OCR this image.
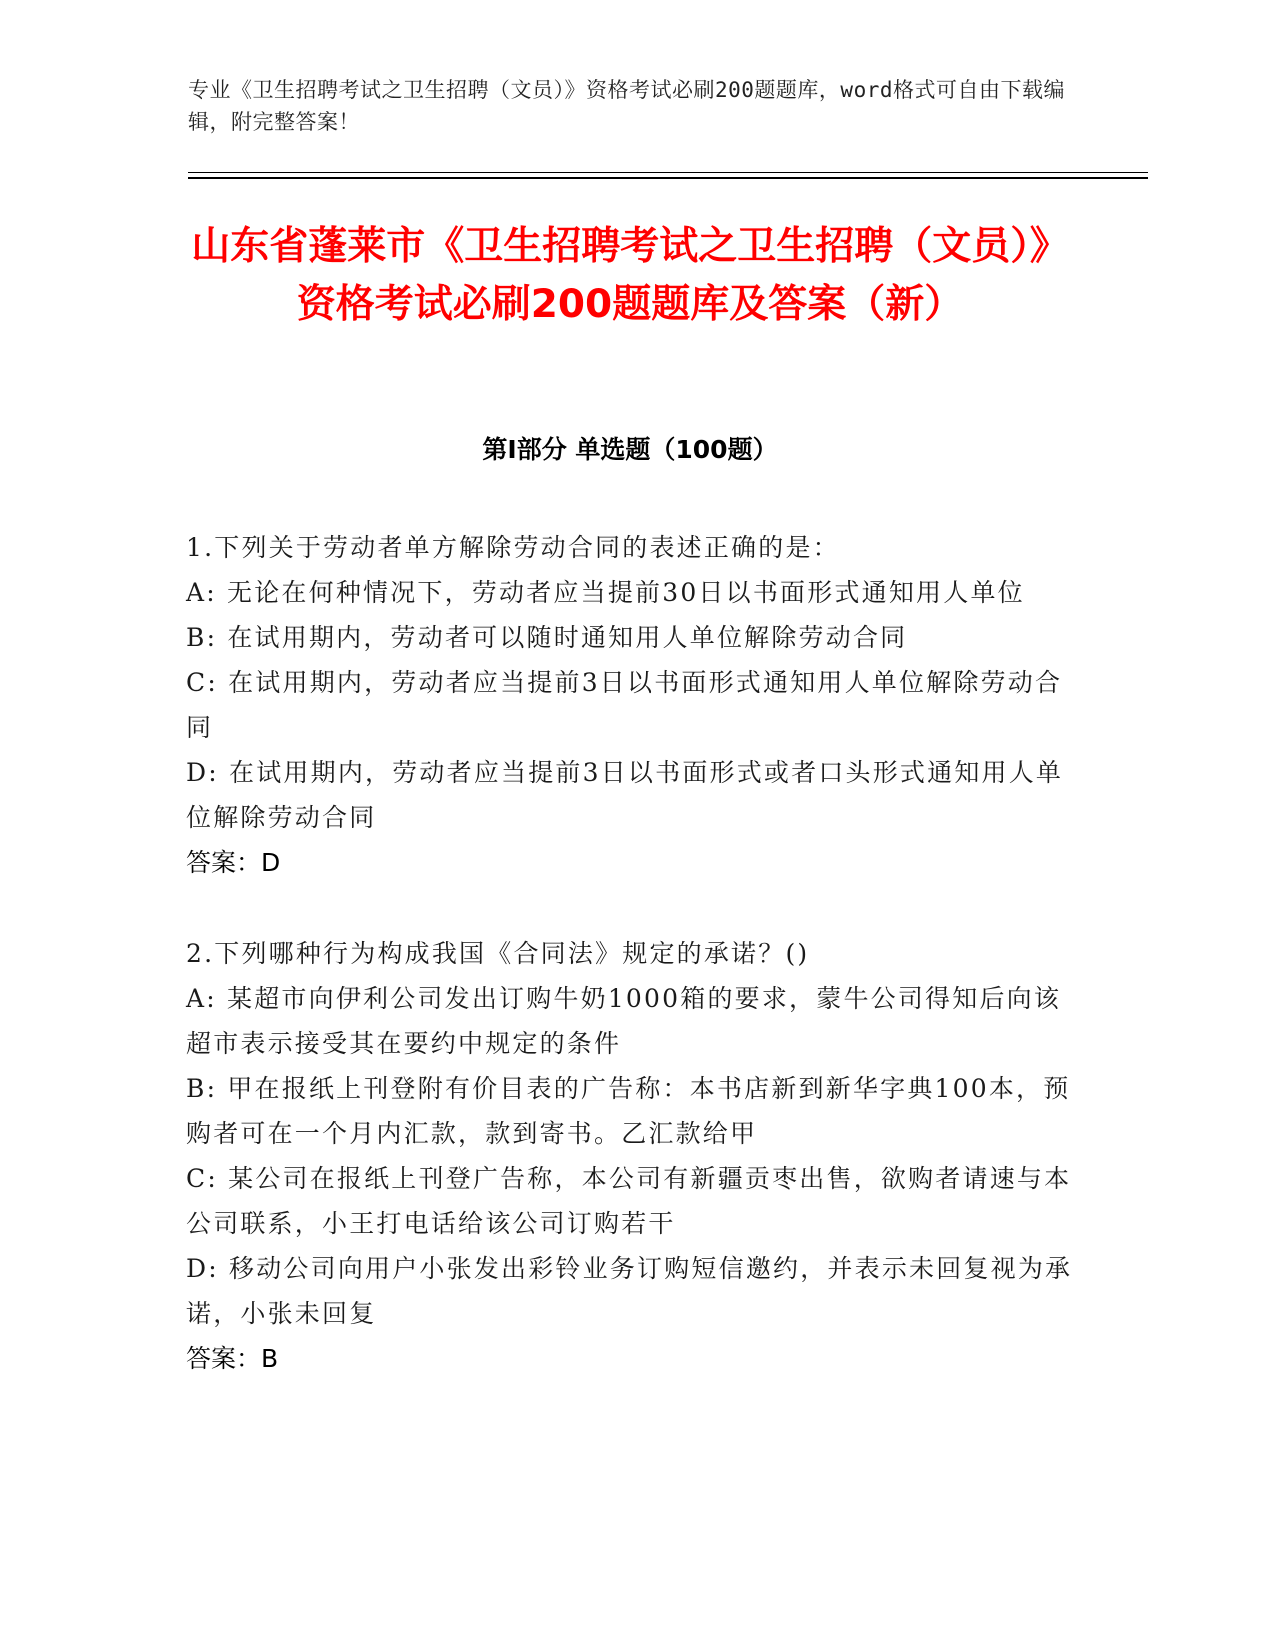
专业《卫生招聘考试之卫生招聘（文员）》资格考试必刷200题题库，word格式可自由下载编辑，附完整答案！
山东省蓬莱市《卫生招聘考试之卫生招聘（文员）》资格考试必刷200题题库及答案（新）
第I部分 单选题（100题）

1.下列关于劳动者单方解除劳动合同的表述正确的是：

A: 无论在何种情况下，劳动者应当提前30日以书面形式通知用人单位

B: 在试用期内，劳动者可以随时通知用人单位解除劳动合同

C: 在试用期内，劳动者应当提前3日以书面形式通知用人单位解除劳动合同

D: 在试用期内，劳动者应当提前3日以书面形式或者口头形式通知用人单位解除劳动合同

答案：D

2.下列哪种行为构成我国《合同法》规定的承诺？()

A: 某超市向伊利公司发出订购牛奶1000箱的要求，蒙牛公司得知后向该超市表示接受其在要约中规定的条件

B: 甲在报纸上刊登附有价目表的广告称：本书店新到新华字典100本，预购者可在一个月内汇款，款到寄书。乙汇款给甲

C: 某公司在报纸上刊登广告称，本公司有新疆贡枣出售，欲购者请速与本公司联系，小王打电话给该公司订购若干

D: 移动公司向用户小张发出彩铃业务订购短信邀约，并表示未回复视为承诺，小张未回复

答案：B
